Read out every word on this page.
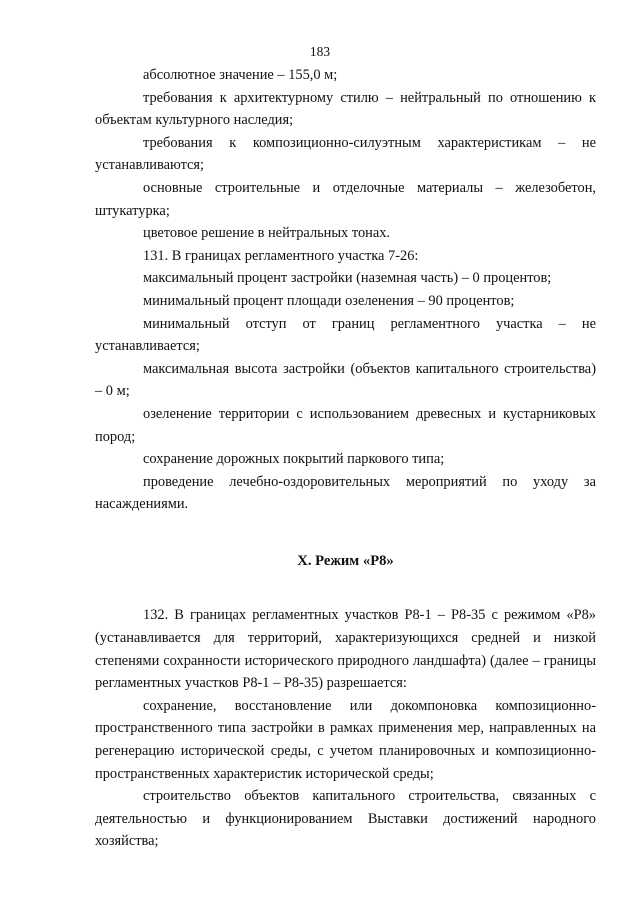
183

абсолютное значение – 155,0 м;

требования к архитектурному стилю – нейтральный по отношению к объектам культурного наследия;

требования к композиционно-силуэтным характеристикам – не устанавливаются;

основные строительные и отделочные материалы – железобетон, штукатурка;

цветовое решение в нейтральных тонах.

131. В границах регламентного участка 7-26:

максимальный процент застройки (наземная часть) – 0 процентов;

минимальный процент площади озеленения – 90 процентов;

минимальный отступ от границ регламентного участка – не устанавливается;

максимальная высота застройки (объектов капитального строительства) – 0 м;

озеленение территории с использованием древесных и кустарниковых пород;

сохранение дорожных покрытий паркового типа;

проведение лечебно-оздоровительных мероприятий по уходу за насаждениями.

X. Режим «Р8»

132. В границах регламентных участков Р8-1 – Р8-35 с режимом «Р8» (устанавливается для территорий, характеризующихся средней и низкой степенями сохранности исторического природного ландшафта) (далее – границы регламентных участков Р8-1 – Р8-35) разрешается:

сохранение, восстановление или докомпоновка композиционно-пространственного типа застройки в рамках применения мер, направленных на регенерацию исторической среды, с учетом планировочных и композиционно-пространственных характеристик исторической среды;

строительство объектов капитального строительства, связанных с деятельностью и функционированием Выставки достижений народного хозяйства;
